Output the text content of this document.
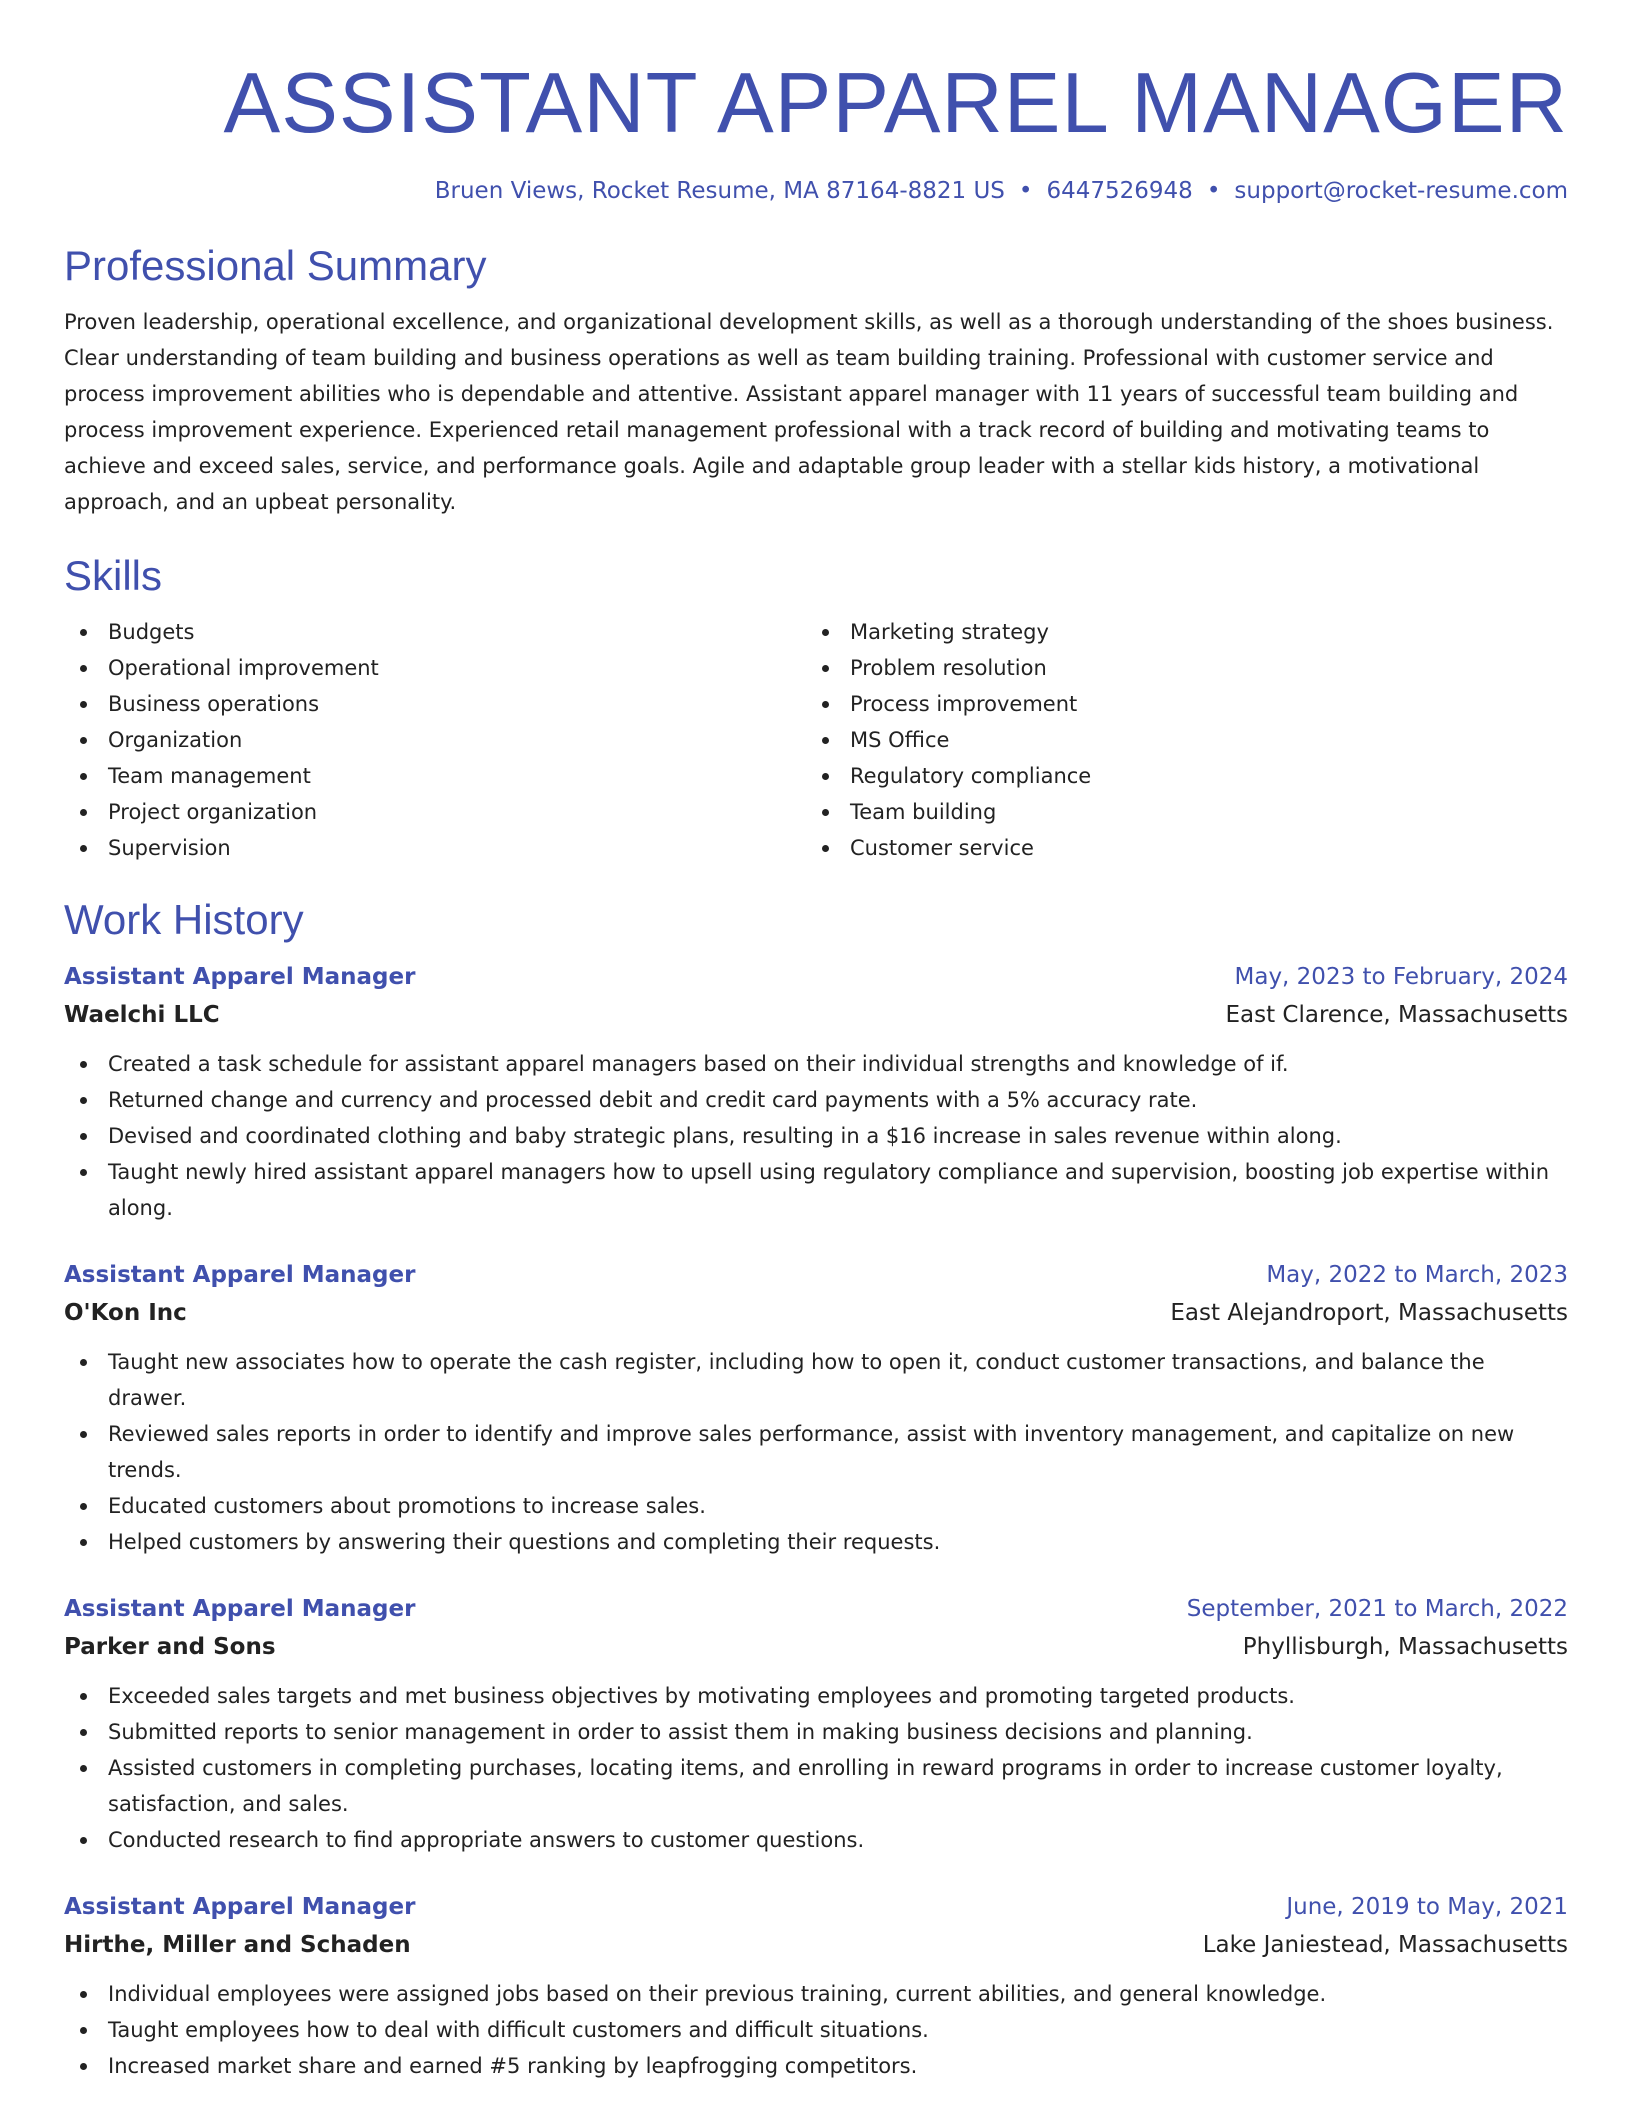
ASSISTANT APPAREL MANAGER
Bruen Views, Rocket Resume, MA 87164-8821 US • 6447526948 • support@rocket-resume.com
Professional Summary

Proven leadership, operational excellence, and organizational development skills, as well as a thorough understanding of the shoes business. Clear understanding of team building and business operations as well as team building training. Professional with customer service and process improvement abilities who is dependable and attentive. Assistant apparel manager with 11 years of successful team building and process improvement experience. Experienced retail management professional with a track record of building and motivating teams to achieve and exceed sales, service, and performance goals. Agile and adaptable group leader with a stellar kids history, a motivational approach, and an upbeat personality.

Skills
Budgets
Operational improvement
Business operations
Organization
Team management
Project organization
Supervision
Marketing strategy
Problem resolution
Process improvement
MS Office
Regulatory compliance
Team building
Customer service
Work History
Assistant Apparel Manager	May, 2023 to February, 2024
Waelchi LLC	East Clarence, Massachusetts
Created a task schedule for assistant apparel managers based on their individual strengths and knowledge of if.
Returned change and currency and processed debit and credit card payments with a 5% accuracy rate.
Devised and coordinated clothing and baby strategic plans, resulting in a $16 increase in sales revenue within along.
Taught newly hired assistant apparel managers how to upsell using regulatory compliance and supervision, boosting job expertise within along.
Assistant Apparel Manager	May, 2022 to March, 2023
O'Kon Inc	East Alejandroport, Massachusetts
Taught new associates how to operate the cash register, including how to open it, conduct customer transactions, and balance the drawer.
Reviewed sales reports in order to identify and improve sales performance, assist with inventory management, and capitalize on new trends.
Educated customers about promotions to increase sales.
Helped customers by answering their questions and completing their requests.
Assistant Apparel Manager	September, 2021 to March, 2022
Parker and Sons	Phyllisburgh, Massachusetts
Exceeded sales targets and met business objectives by motivating employees and promoting targeted products.
Submitted reports to senior management in order to assist them in making business decisions and planning.
Assisted customers in completing purchases, locating items, and enrolling in reward programs in order to increase customer loyalty, satisfaction, and sales.
Conducted research to find appropriate answers to customer questions.
Assistant Apparel Manager	June, 2019 to May, 2021
Hirthe, Miller and Schaden	Lake Janiestead, Massachusetts
Individual employees were assigned jobs based on their previous training, current abilities, and general knowledge.
Taught employees how to deal with difficult customers and difficult situations.
Increased market share and earned #5 ranking by leapfrogging competitors.
